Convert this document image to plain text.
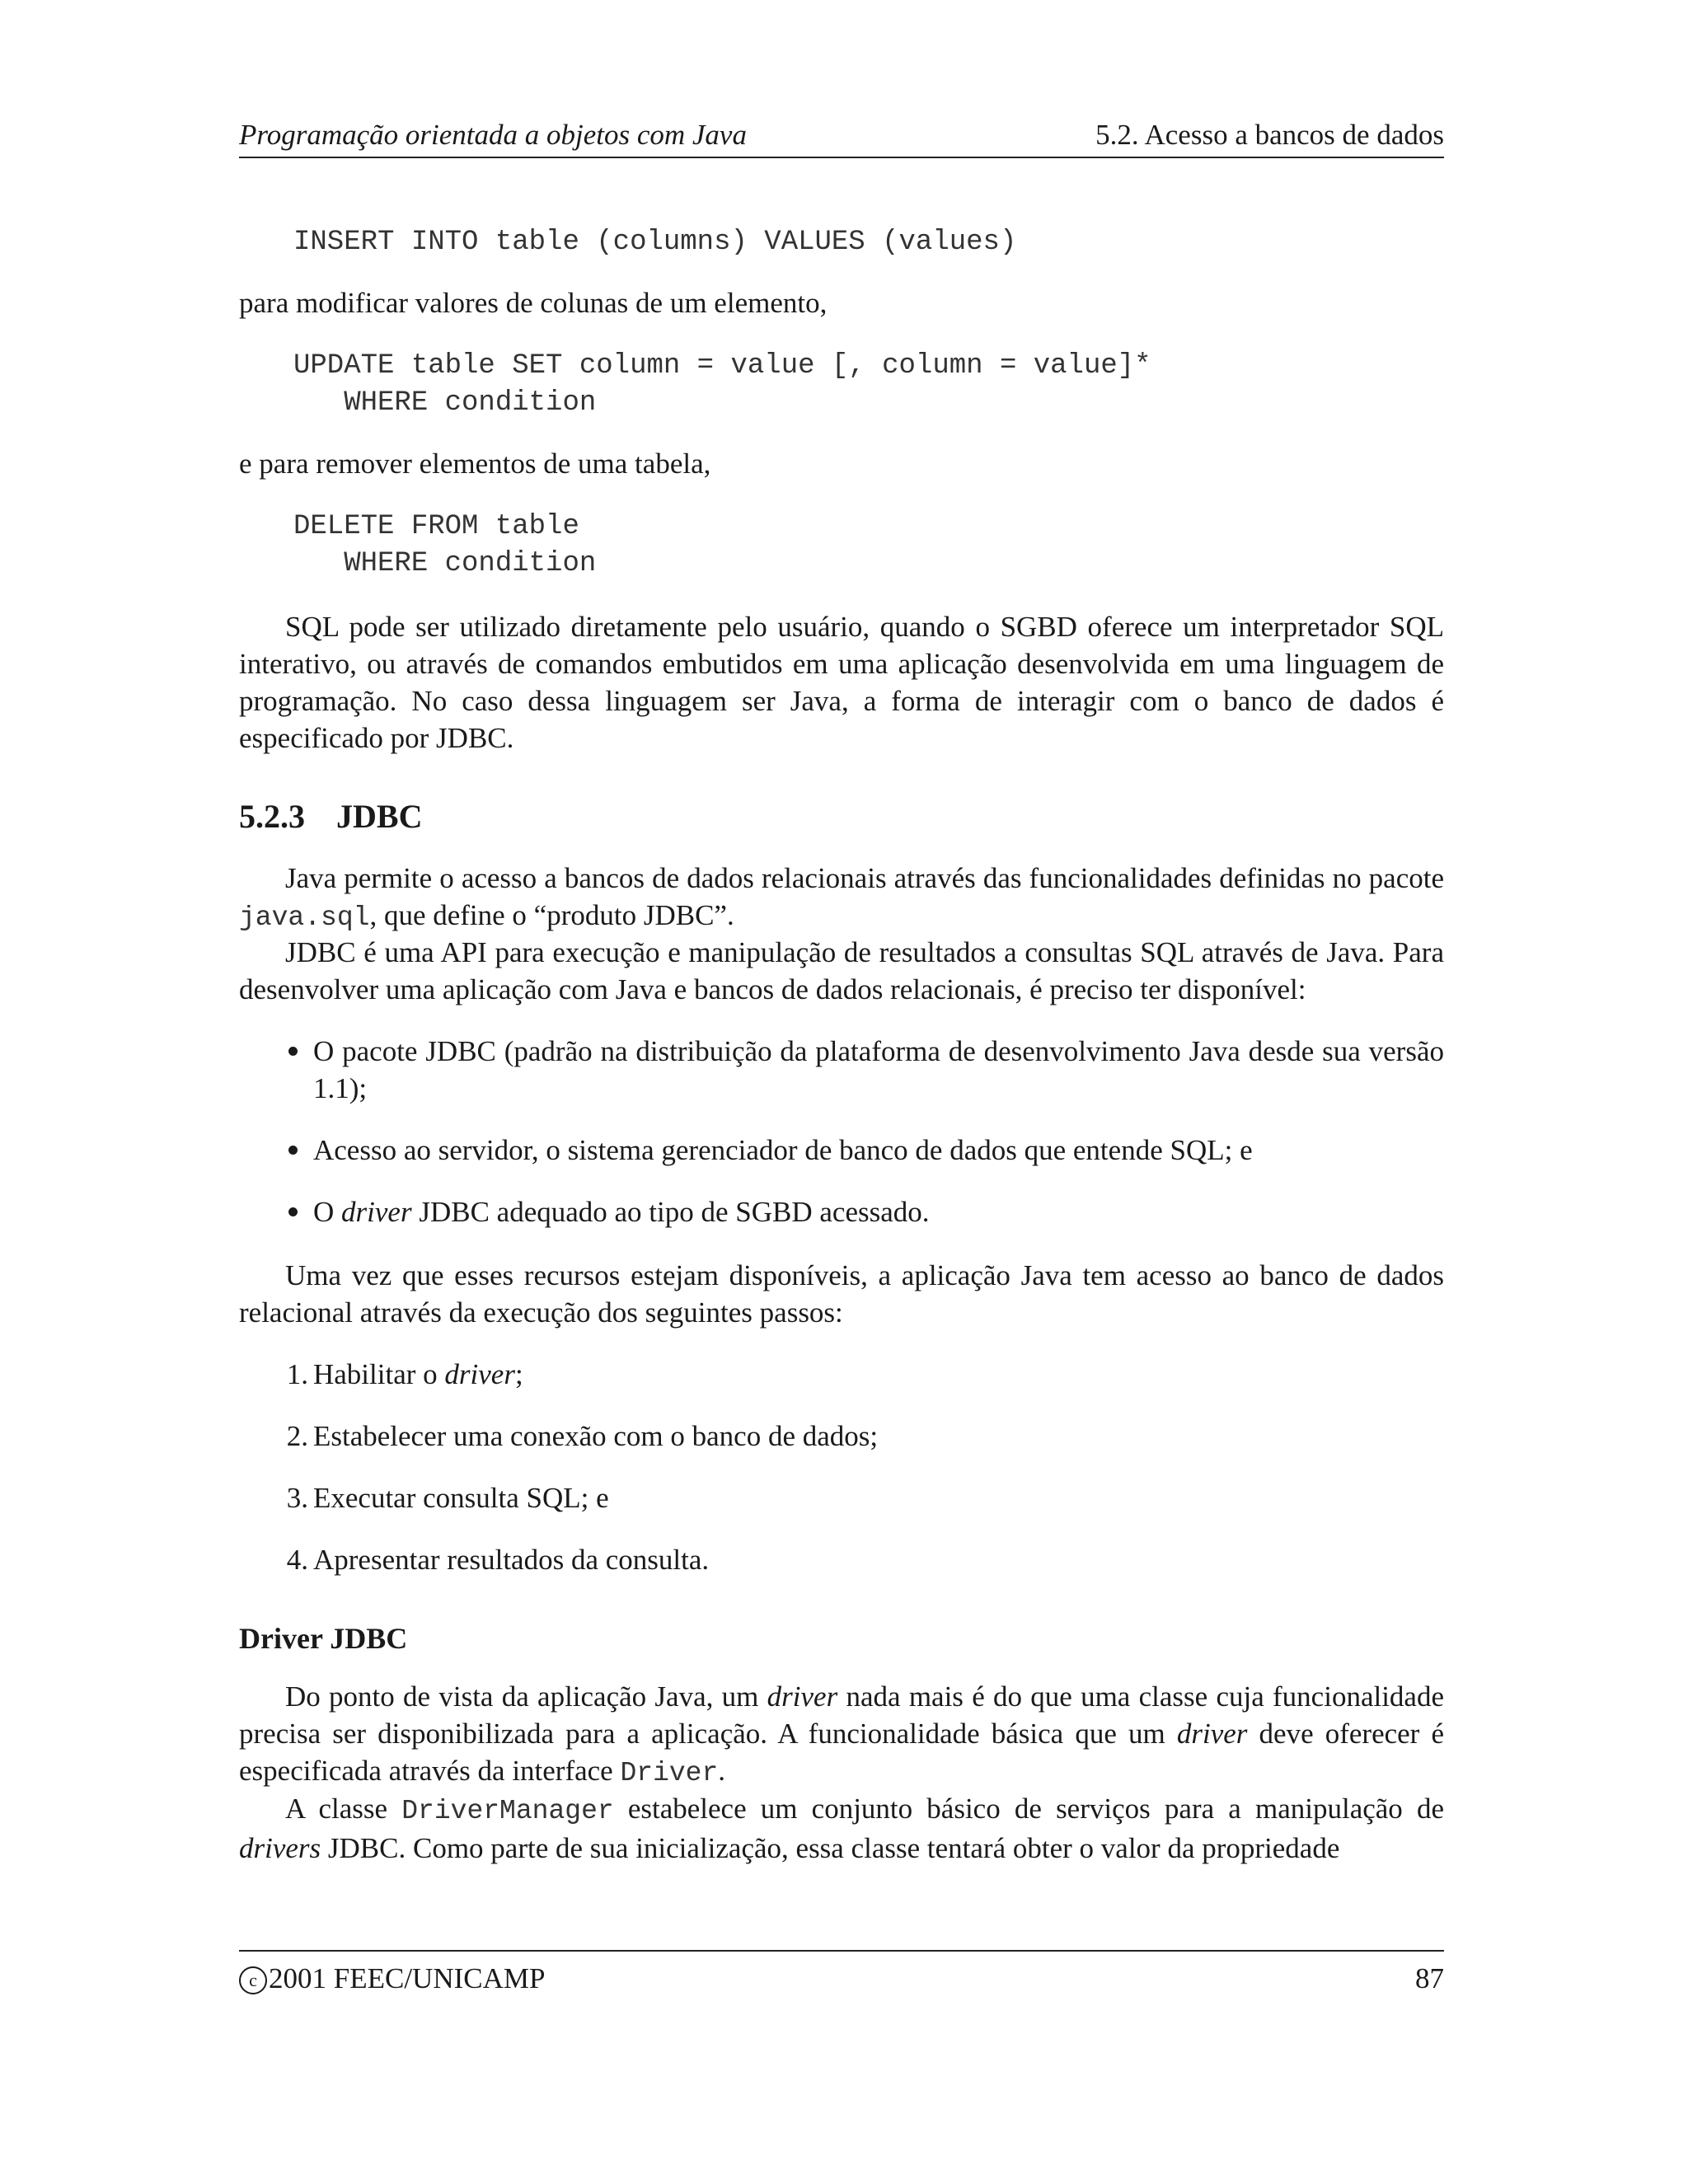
Programação orientada a objetos com Java	5.2. Acesso a bancos de dados
INSERT INTO table (columns) VALUES (values)
para modificar valores de colunas de um elemento,
UPDATE table SET column = value [, column = value]*
WHERE condition
e para remover elementos de uma tabela,
DELETE FROM table
WHERE condition
SQL pode ser utilizado diretamente pelo usuário, quando o SGBD oferece um interpretador SQL interativo, ou através de comandos embutidos em uma aplicação desenvolvida em uma linguagem de programação. No caso dessa linguagem ser Java, a forma de interagir com o banco de dados é especificado por JDBC.
5.2.3 JDBC
Java permite o acesso a bancos de dados relacionais através das funcionalidades definidas no pacote java.sql, que define o “produto JDBC”.
JDBC é uma API para execução e manipulação de resultados a consultas SQL através de Java. Para desenvolver uma aplicação com Java e bancos de dados relacionais, é preciso ter disponível:
O pacote JDBC (padrão na distribuição da plataforma de desenvolvimento Java desde sua versão 1.1);
Acesso ao servidor, o sistema gerenciador de banco de dados que entende SQL; e
O driver JDBC adequado ao tipo de SGBD acessado.
Uma vez que esses recursos estejam disponíveis, a aplicação Java tem acesso ao banco de dados relacional através da execução dos seguintes passos:
1. Habilitar o driver;
2. Estabelecer uma conexão com o banco de dados;
3. Executar consulta SQL; e
4. Apresentar resultados da consulta.
Driver JDBC
Do ponto de vista da aplicação Java, um driver nada mais é do que uma classe cuja funcionalidade precisa ser disponibilizada para a aplicação. A funcionalidade básica que um driver deve oferecer é especificada através da interface Driver.
A classe DriverManager estabelece um conjunto básico de serviços para a manipulação de drivers JDBC. Como parte de sua inicialização, essa classe tentará obter o valor da propriedade
c 2001 FEEC/UNICAMP	87
